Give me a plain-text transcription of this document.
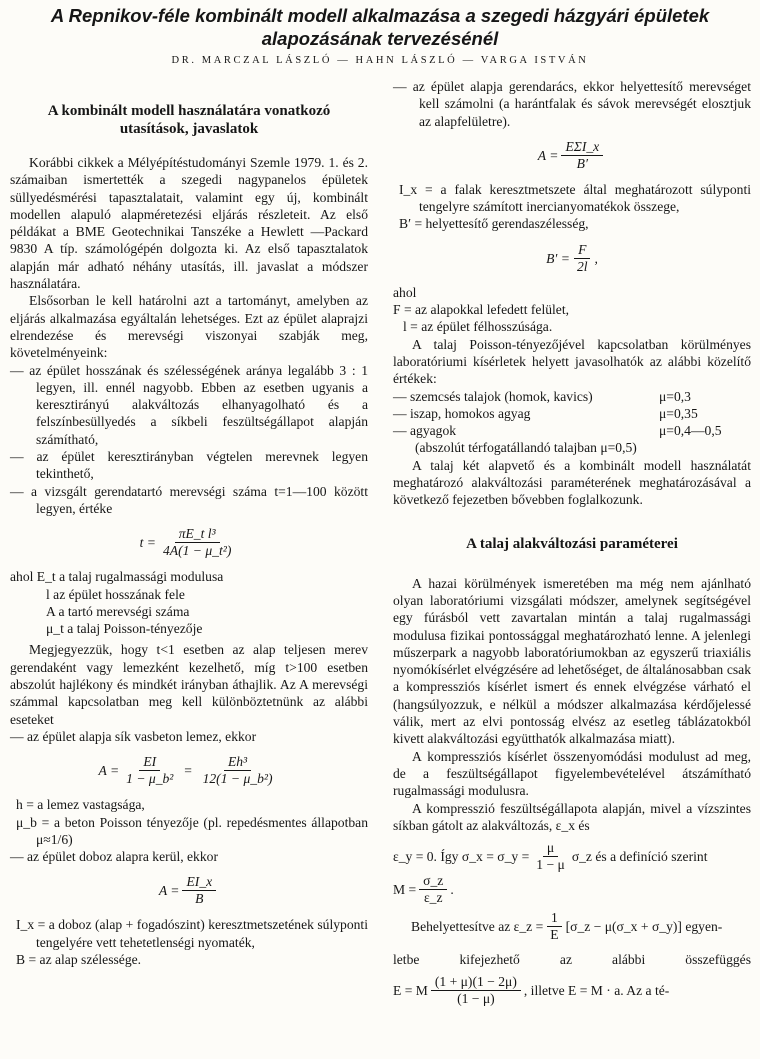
A Repnikov-féle kombinált modell alkalmazása a szegedi házgyári épületek alapozásának tervezésénél
DR. MARCZAL LÁSZLÓ — HAHN LÁSZLÓ — VARGA ISTVÁN
A kombinált modell használatára vonatkozó utasítások, javaslatok

Korábbi cikkek a Mélyépítéstudományi Szemle 1979. 1. és 2. számaiban ismertették a szegedi nagypanelos épületek süllyedésmérési tapasztalatait, valamint egy új, kombinált modellen alapuló alapméretezési eljárás részleteit. Az első példákat a BME Geotechnikai Tanszéke a Hewlett —Packard 9830 A típ. számológépén dolgozta ki. Az első tapasztalatok alapján már adható néhány utasítás, ill. javaslat a módszer használatára.

Elsősorban le kell határolni azt a tartományt, amelyben az eljárás alkalmazása egyáltalán lehetséges. Ezt az épület alaprajzi elrendezése és merevségi viszonyai szabják meg, követelményeink:

— az épület hosszának és szélességének aránya legalább 3 : 1 legyen, ill. ennél nagyobb. Ebben az esetben ugyanis a keresztirányú alakváltozás elhanyagolható és a felszínbesüllyedés a síkbeli feszültségállapot alapján számítható,

— az épület keresztirányban végtelen merevnek legyen tekinthető,

— a vizsgált gerendatartó merevségi száma t=1—100 között legyen, értéke

$t = \frac{\text{πE\_t l³}}{\text{4A(1 − μ\_t²)}}$

ahol E_t a talaj rugalmassági modulusa

l az épület hosszának fele

A a tartó merevségi száma

μ_t a talaj Poisson-tényezője

Megjegyezzük, hogy t<1 esetben az alap teljesen merev gerendaként vagy lemezként kezelhető, míg t>100 esetben abszolút hajlékony és mindkét irányban áthajlik. Az A merevségi számmal kapcsolatban meg kell különböztetnünk az alábbi eseteket

— az épület alapja sík vasbeton lemez, ekkor

$A = \frac{EI}{\text{1 − μ\_b²}} = \frac{\text{Eh³}}{\text{12(1 − μ\_b²)}}$

h = a lemez vastagsága,

μ_b = a beton Poisson tényezője (pl. repedésmentes állapotban μ≈1/6)

— az épület doboz alapra kerül, ekkor

$A = \frac{EI\_x}{B}$

I_x = a doboz (alap + fogadószint) keresztmetszetének súlyponti tengelyére vett tehetetlenségi nyomaték,

B = az alap szélessége.

— az épület alapja gerendarács, ekkor helyettesítő merevséget kell számolni (a harántfalak és sávok merevségét elosztjuk az alapfelületre).

$A = \frac{\text{EΣI\_x}}{B'}$

I_x = a falak keresztmetszete által meghatározott súlyponti tengelyre számított inercianyomatékok összege,

B′ = helyettesítő gerendaszélesség,

$B' = \frac{F}{2l}$ ,

ahol

F = az alapokkal lefedett felület,

l = az épület félhosszúsága.

A talaj Poisson-tényezőjével kapcsolatban körülményes laboratóriumi kísérletek helyett javasolhatók az alábbi közelítő értékek:

— szemcsés talajok (homok, kavics)	μ=0,3
— iszap, homokos agyag	μ=0,35
— agyagok	μ=0,4—0,5

(abszolút térfogatállandó talajban μ=0,5)

A talaj két alapvető és a kombinált modell használatát meghatározó alakváltozási paraméterének meghatározásával a következő fejezetben bővebben foglalkozunk.

A talaj alakváltozási paraméterei

A hazai körülmények ismeretében ma még nem ajánlható olyan laboratóriumi vizsgálati módszer, amelynek segítségével egy fúrásból vett zavartalan mintán a talaj rugalmassági modulusa fizikai pontossággal meghatározható lenne. A jelenlegi műszerpark a nagyobb laboratóriumokban az egyszerű triaxiális nyomókísérlet elvégzésére ad lehetőséget, de általánosabban csak a kompressziós kísérlet ismert és ennek elvégzése várható el (hangsúlyozzuk, e nélkül a módszer alkalmazása kérdőjelessé válik, mert az elvi pontosság elvész az esetleg táblázatokból kivett alakváltozási együtthatók alkalmazása miatt).

A kompressziós kísérlet összenyomódási modulust ad meg, de a feszültségállapot figyelembevételével átszámítható rugalmassági modulusra.

A kompresszió feszültségállapota alapján, mivel a vízszintes síkban gátolt az alakváltozás, ε_x és

ε_y = 0. Így σ_x = σ_y = $\frac{\mu}{1 - \mu}$ σ_z és a definíció szerint
$M = \frac{\sigma\_z}{\varepsilon\_z}$ .
Behelyettesítve az ε_z = $\frac{1}{E}$ [σ_z − μ(σ_x + σ_y)] egyen-

letbe kifejezhető az alábbi összefüggés

E = M $\frac{(1 + \mu)(1 - 2\mu)}{(1 - \mu)}$ , illetve E = M · a. Az a té-
